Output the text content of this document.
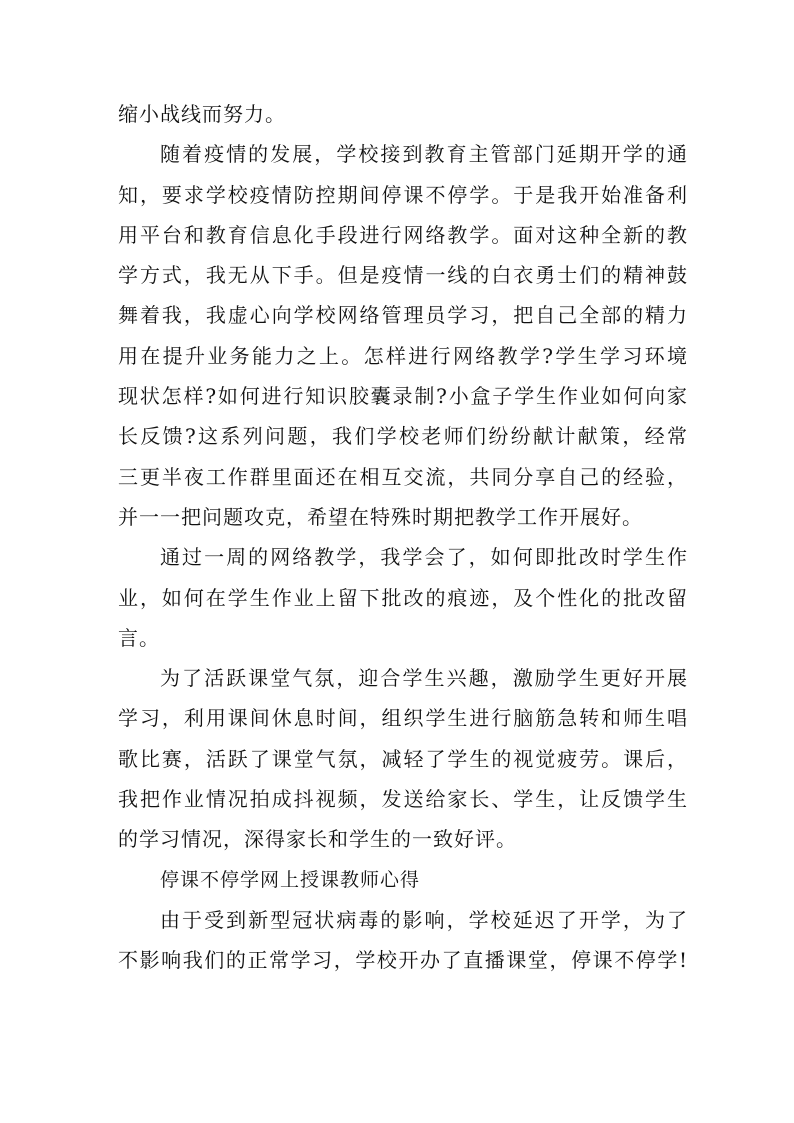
缩小战线而努力。
随着疫情的发展，学校接到教育主管部门延期开学的通
知，要求学校疫情防控期间停课不停学。于是我开始准备利
用平台和教育信息化手段进行网络教学。面对这种全新的教
学方式，我无从下手。但是疫情一线的白衣勇士们的精神鼓
舞着我，我虚心向学校网络管理员学习，把自己全部的精力
用在提升业务能力之上。怎样进行网络教学?学生学习环境
现状怎样?如何进行知识胶囊录制?小盒子学生作业如何向家
长反馈?这系列问题，我们学校老师们纷纷献计献策，经常
三更半夜工作群里面还在相互交流，共同分享自己的经验，
并一一把问题攻克，希望在特殊时期把教学工作开展好。
通过一周的网络教学，我学会了，如何即批改时学生作
业，如何在学生作业上留下批改的痕迹，及个性化的批改留
言。
为了活跃课堂气氛，迎合学生兴趣，激励学生更好开展
学习，利用课间休息时间，组织学生进行脑筋急转和师生唱
歌比赛，活跃了课堂气氛，减轻了学生的视觉疲劳。课后，
我把作业情况拍成抖视频，发送给家长、学生，让反馈学生
的学习情况，深得家长和学生的一致好评。
停课不停学网上授课教师心得
由于受到新型冠状病毒的影响，学校延迟了开学，为了
不影响我们的正常学习，学校开办了直播课堂，停课不停学!
